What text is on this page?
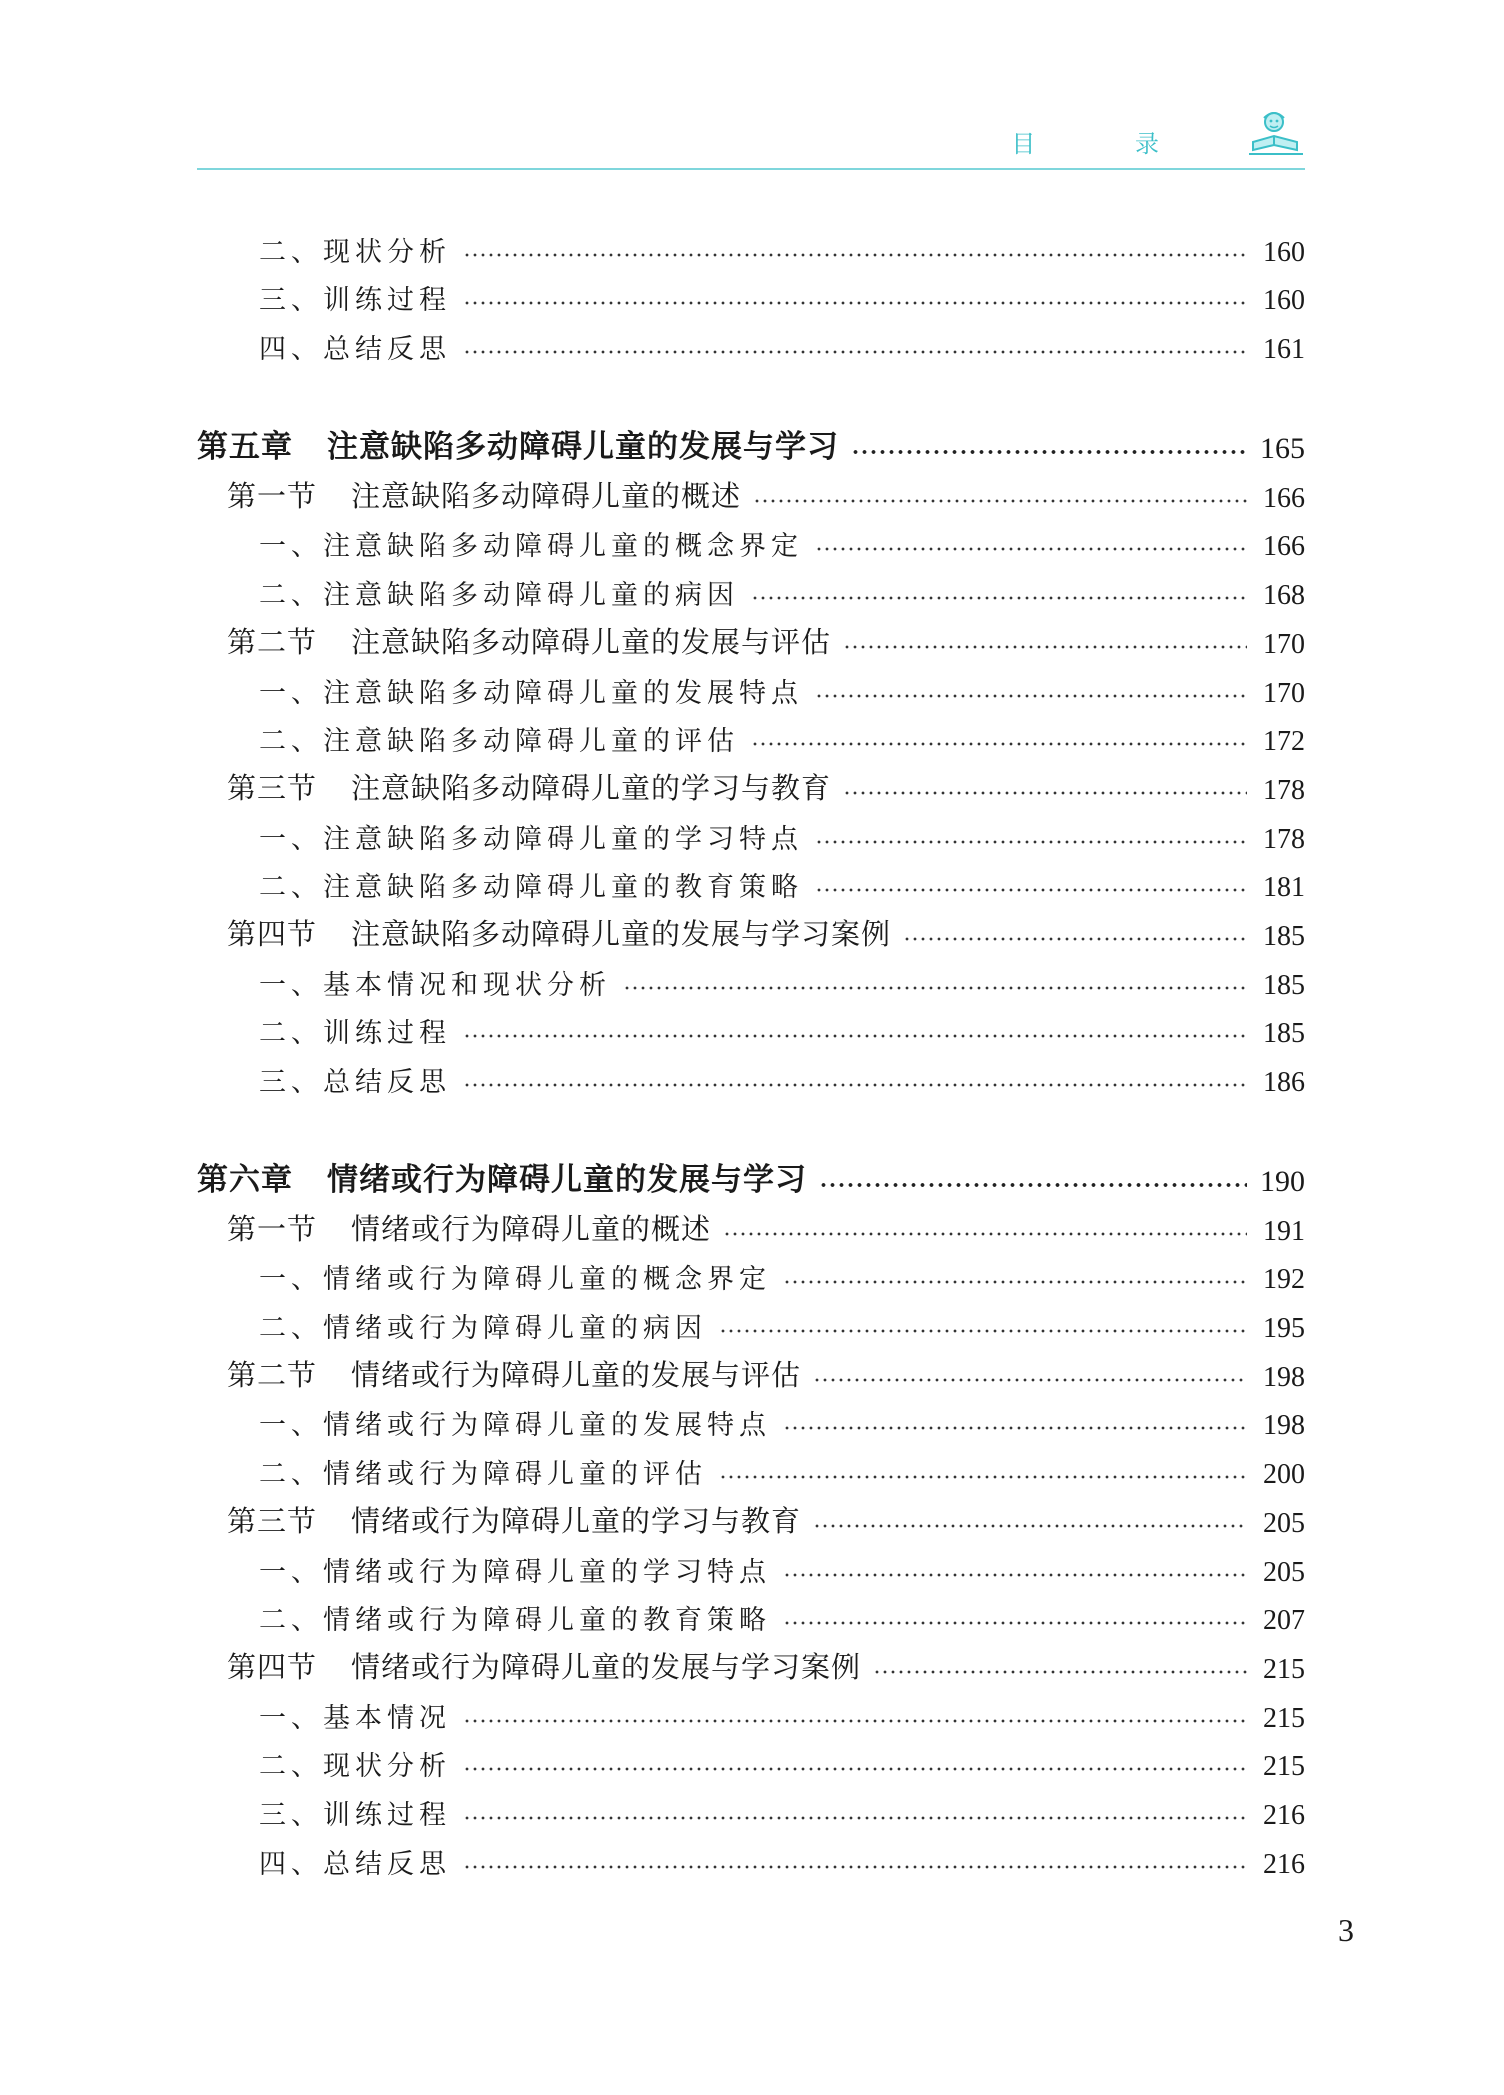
目 录
二、现状分析	160
三、训练过程	160
四、总结反思	161
第五章 注意缺陷多动障碍儿童的发展与学习	165
第一节 注意缺陷多动障碍儿童的概述	166
一、注意缺陷多动障碍儿童的概念界定	166
二、注意缺陷多动障碍儿童的病因	168
第二节 注意缺陷多动障碍儿童的发展与评估	170
一、注意缺陷多动障碍儿童的发展特点	170
二、注意缺陷多动障碍儿童的评估	172
第三节 注意缺陷多动障碍儿童的学习与教育	178
一、注意缺陷多动障碍儿童的学习特点	178
二、注意缺陷多动障碍儿童的教育策略	181
第四节 注意缺陷多动障碍儿童的发展与学习案例	185
一、基本情况和现状分析	185
二、训练过程	185
三、总结反思	186
第六章 情绪或行为障碍儿童的发展与学习	190
第一节 情绪或行为障碍儿童的概述	191
一、情绪或行为障碍儿童的概念界定	192
二、情绪或行为障碍儿童的病因	195
第二节 情绪或行为障碍儿童的发展与评估	198
一、情绪或行为障碍儿童的发展特点	198
二、情绪或行为障碍儿童的评估	200
第三节 情绪或行为障碍儿童的学习与教育	205
一、情绪或行为障碍儿童的学习特点	205
二、情绪或行为障碍儿童的教育策略	207
第四节 情绪或行为障碍儿童的发展与学习案例	215
一、基本情况	215
二、现状分析	215
三、训练过程	216
四、总结反思	216
3
